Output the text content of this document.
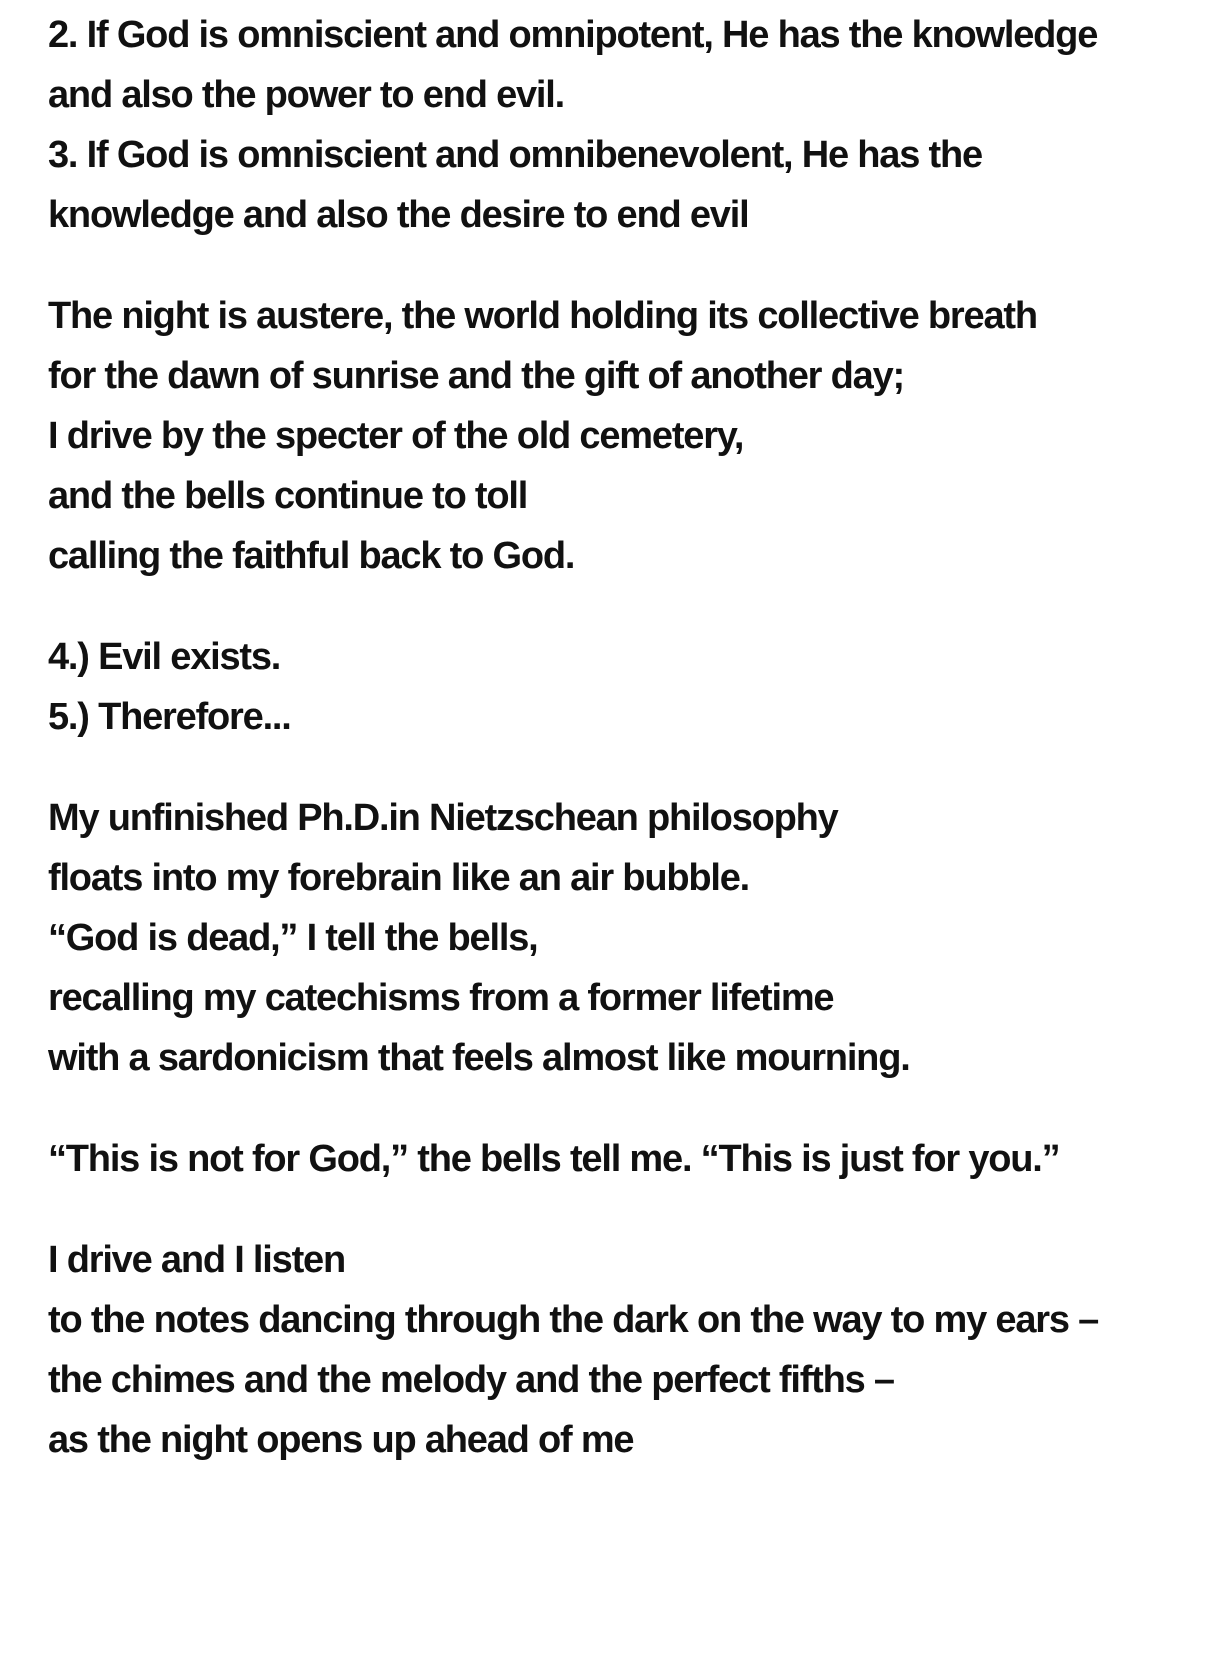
2. If God is omniscient and omnipotent, He has the knowledge and also the power to end evil.
3. If God is omniscient and omnibenevolent, He has the knowledge and also the desire to end evil
The night is austere, the world holding its collective breath
for the dawn of sunrise and the gift of another day;
I drive by the specter of the old cemetery,
and the bells continue to toll
calling the faithful back to God.
4.) Evil exists.
5.) Therefore...
My unfinished Ph.D.in Nietzschean philosophy
floats into my forebrain like an air bubble.
“God is dead,” I tell the bells,
recalling my catechisms from a former lifetime
with a sardonicism that feels almost like mourning.
“This is not for God,” the bells tell me. “This is just for you.”
I drive and I listen
to the notes dancing through the dark on the way to my ears –
the chimes and the melody and the perfect fifths –
as the night opens up ahead of me
